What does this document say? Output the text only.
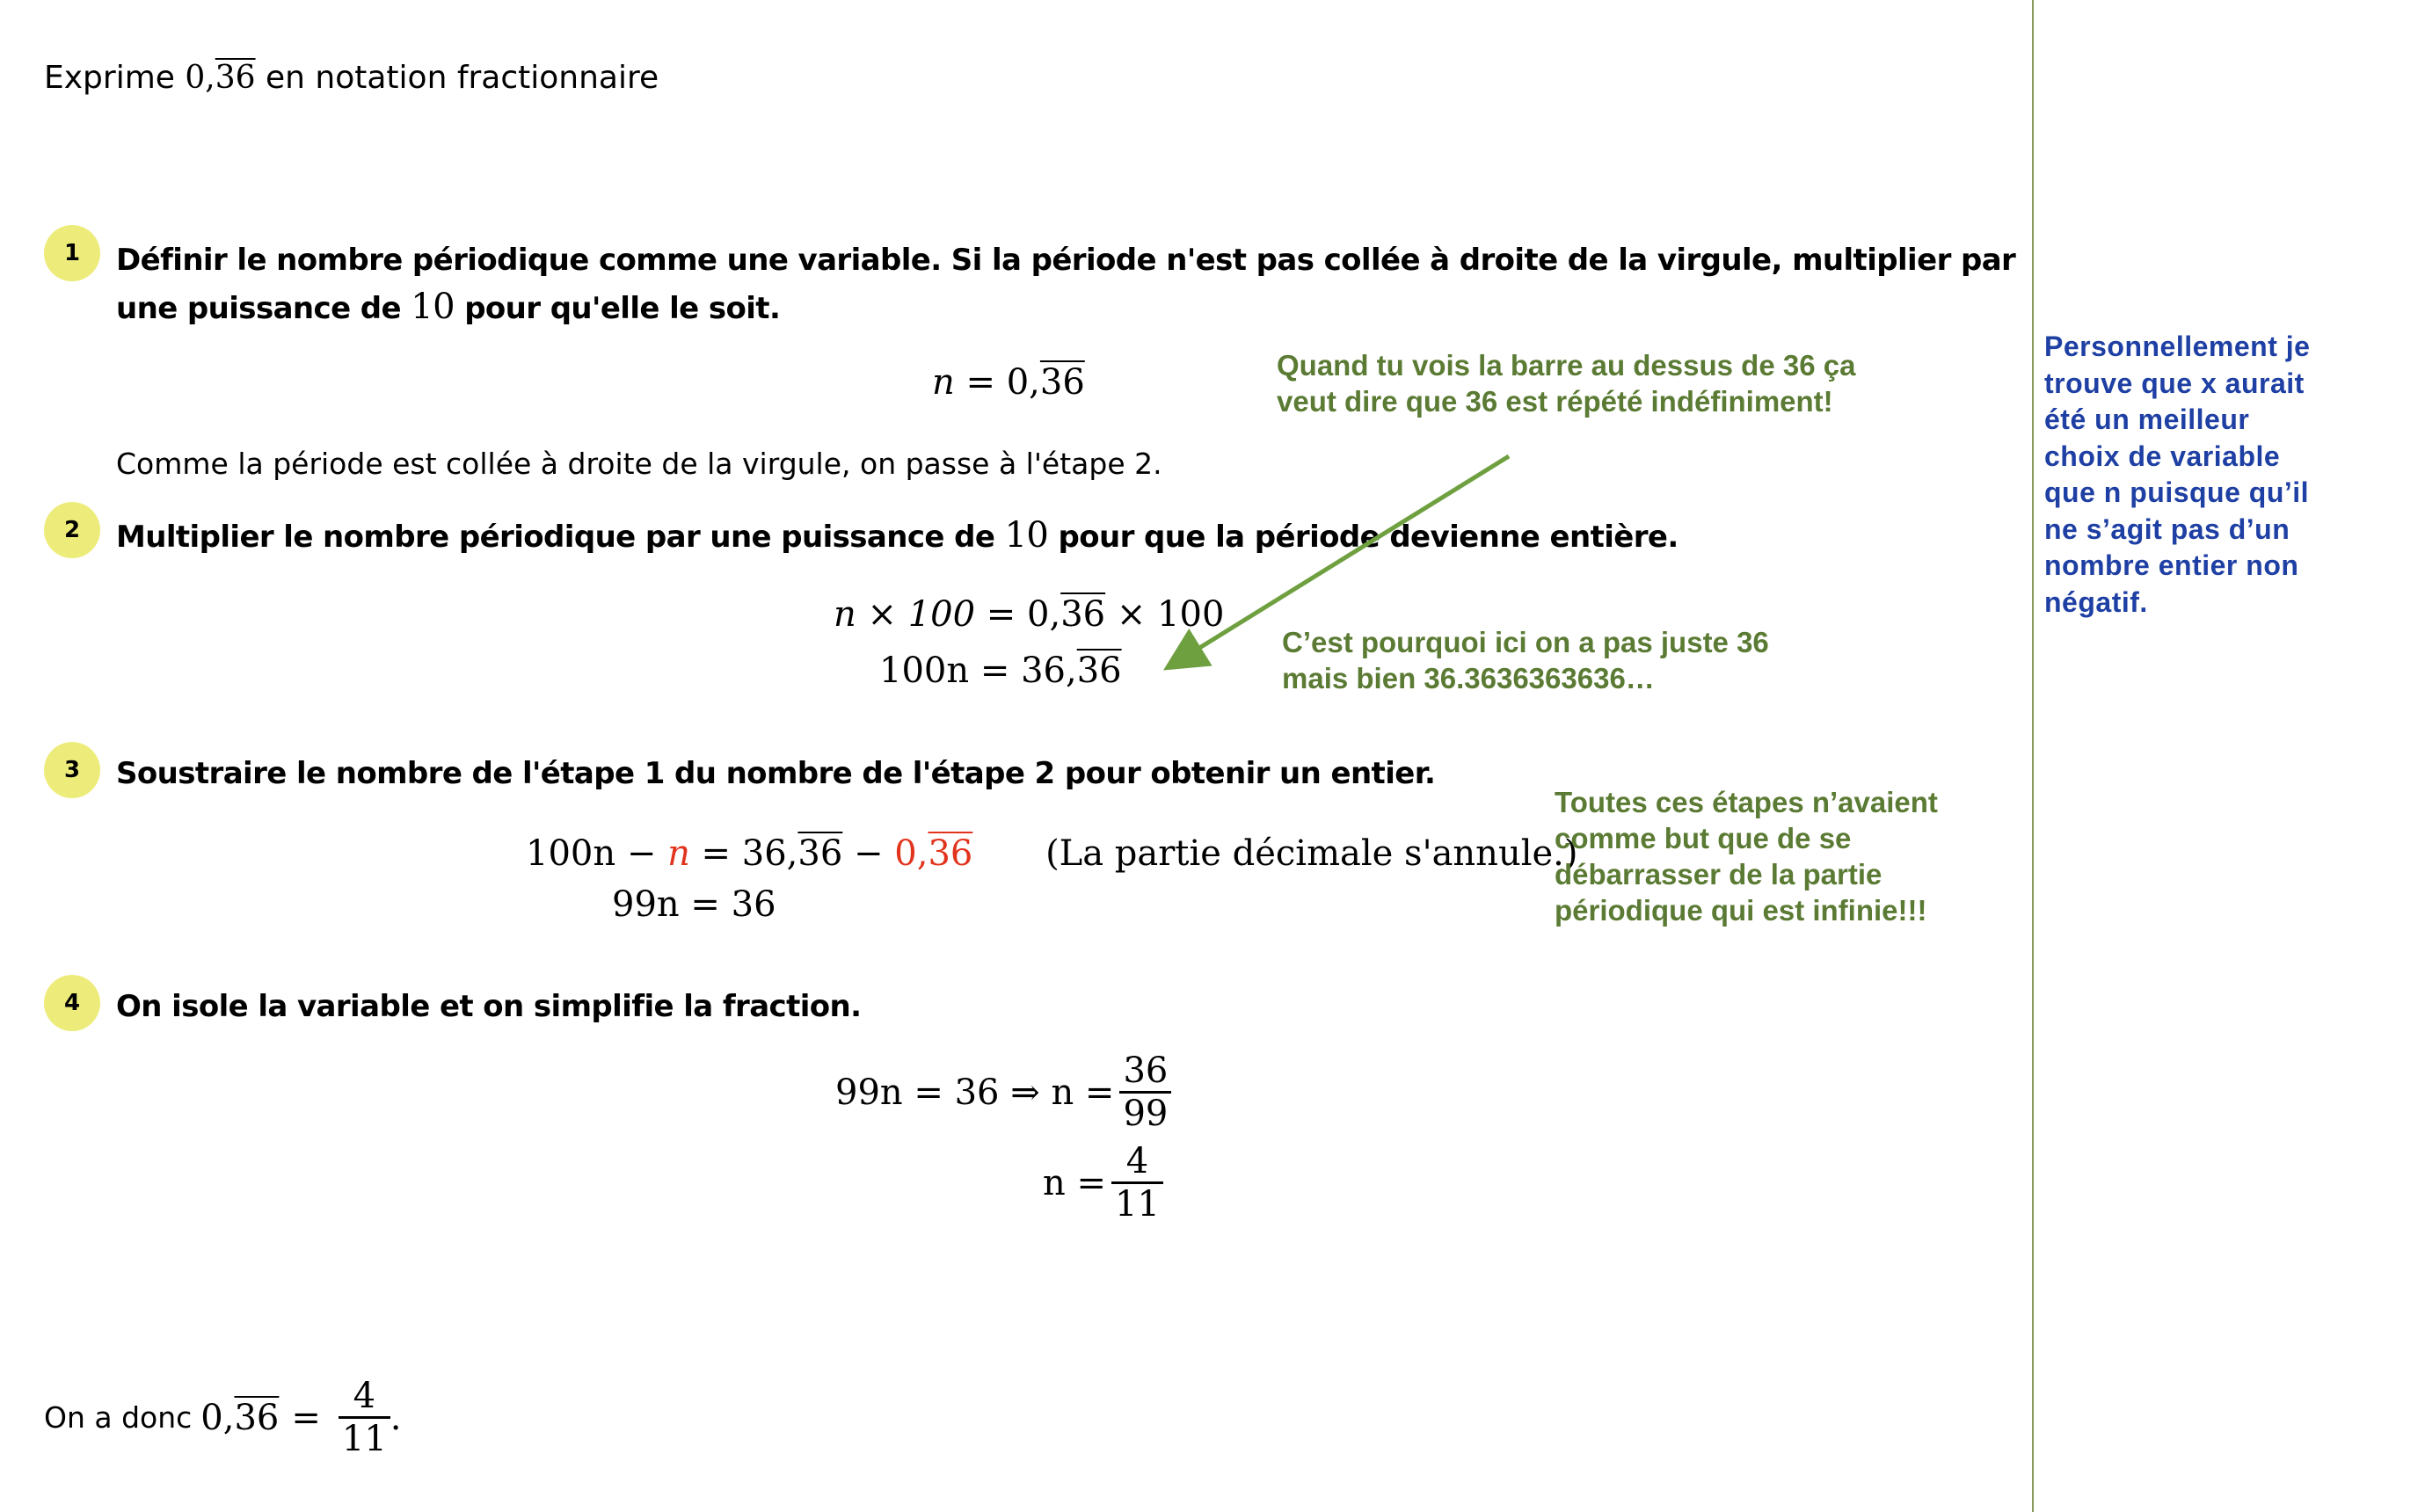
Exprime 0,36 en notation fractionnaire
1 Définir le nombre périodique comme une variable. Si la période n'est pas collée à droite de la virgule, multiplier par
une puissance de 10 pour qu'elle le soit.
n = 0,36
Comme la période est collée à droite de la virgule, on passe à l'étape 2.
2 Multiplier le nombre périodique par une puissance de 10 pour que la période devienne entière.
n × 100 = 0,36 × 100
100n = 36,36
3 Soustraire le nombre de l'étape 1 du nombre de l'étape 2 pour obtenir un entier.
100n − n = 36,36 − 0,36 (La partie décimale s'annule.)
99n = 36
4 On isole la variable et on simplifie la fraction.
99n = 36 ⇒ $n = \frac{36}{99}$
$n = \frac{4}{11}$
On a donc $0,36 = \frac{4}{11}$ .
Quand tu vois la barre au dessus de 36 ça
veut dire que 36 est répété indéfiniment!
C’est pourquoi ici on a pas juste 36
mais bien 36.3636363636…
Toutes ces étapes n’avaient
comme but que de se
débarrasser de la partie
périodique qui est infinie!!!
Personnellement je
trouve que x aurait
été un meilleur
choix de variable
que n puisque qu’il
ne s’agit pas d’un
nombre entier non
négatif.
